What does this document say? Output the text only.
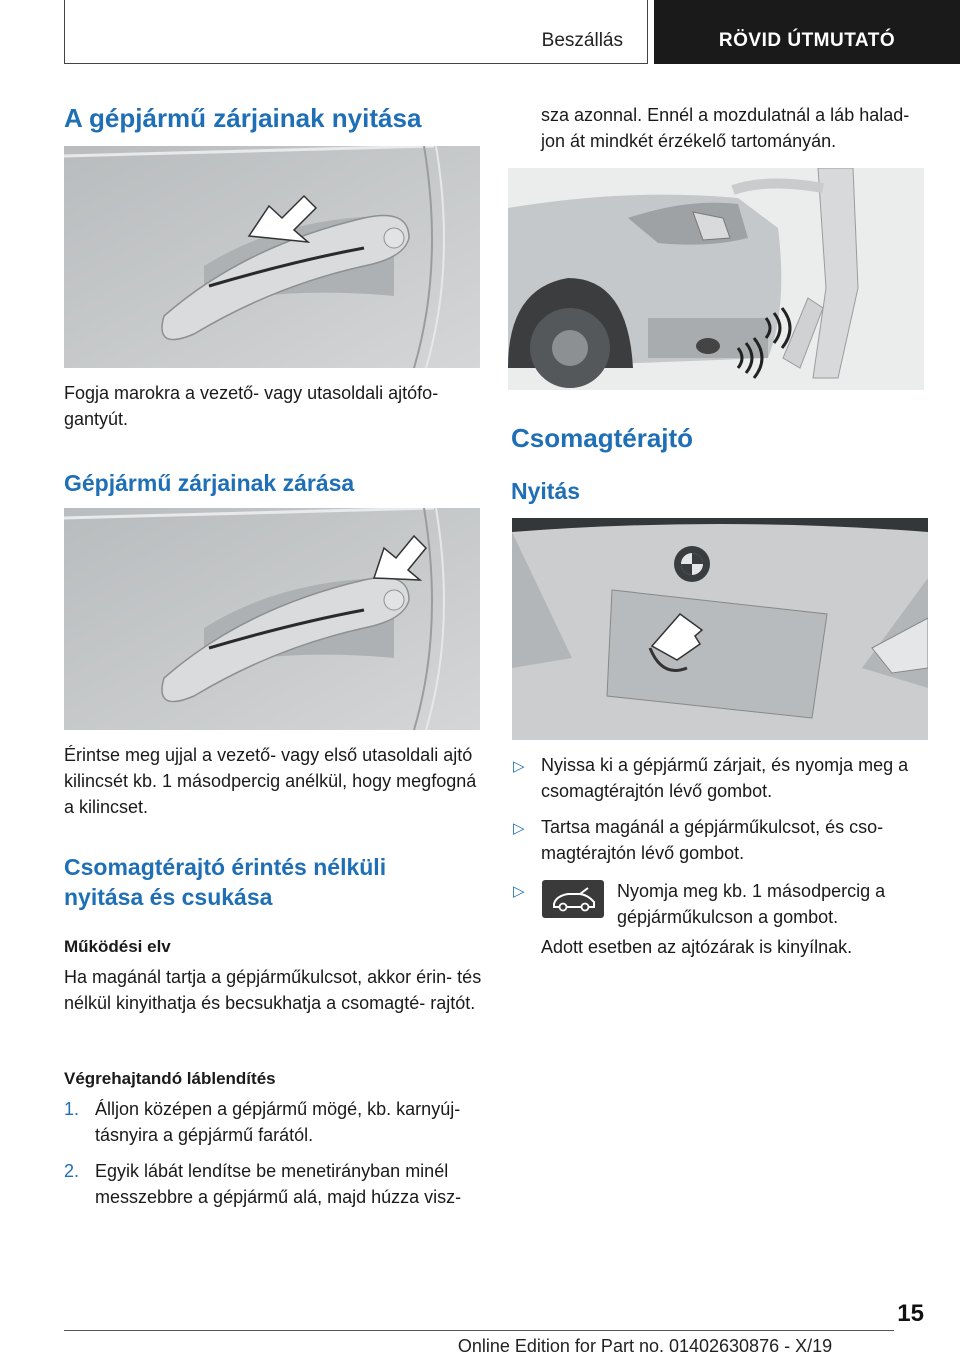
Beszállás	RÖVID ÚTMUTATÓ
A gépjármű zárjainak nyitása

Fogja marokra a vezető- vagy utasoldali ajtófo- gantyút.

Gépjármű zárjainak zárása

Érintse meg ujjal a vezető- vagy első utasoldali ajtó kilincsét kb. 1 másodpercig anélkül, hogy megfogná a kilincset.

Csomagtérajtó érintés nélküli nyitása és csukása
Működési elv

Ha magánál tartja a gépjárműkulcsot, akkor érin- tés nélkül kinyithatja és becsukhatja a csomagté- rajtót.

Végrehajtandó láblendítés
1. Álljon középen a gépjármű mögé, kb. karnyúj- tásnyira a gépjármű farától.
2. Egyik lábát lendítse be menetirányban minél messzebbre a gépjármű alá, majd húzza visz-

sza azonnal. Ennél a mozdulatnál a láb halad- jon át mindkét érzékelő tartományán.

Csomagtérajtó
Nyitás
▷ Nyissa ki a gépjármű zárjait, és nyomja meg a csomagtérajtón lévő gombot.
▷ Tartsa magánál a gépjárműkulcsot, és cso- magtérajtón lévő gombot.
▷	Nyomja meg kb. 1 másodpercig a gépjárműkulcson a gombot.

Adott esetben az ajtózárak is kinyílnak.

15
Online Edition for Part no. 01402630876 - X/19
